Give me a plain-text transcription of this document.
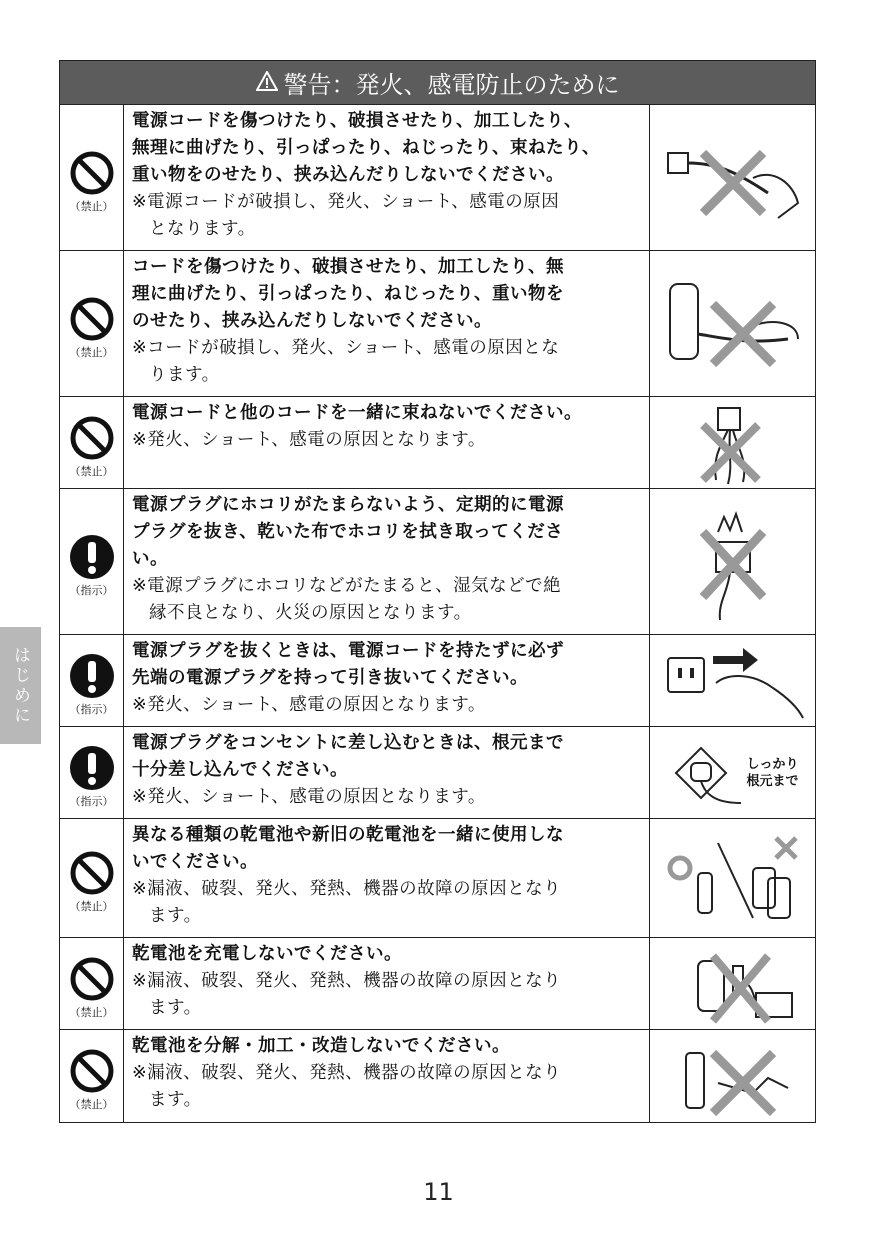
警告：発火、感電防止のために
（禁止）
電源コードを傷つけたり、破損させたり、加工したり、
無理に曲げたり、引っぱったり、ねじったり、束ねたり、
重い物をのせたり、挟み込んだりしないでください。
※電源コードが破損し、発火、ショート、感電の原因
となります。
（禁止）
コードを傷つけたり、破損させたり、加工したり、無
理に曲げたり、引っぱったり、ねじったり、重い物を
のせたり、挟み込んだりしないでください。
※コードが破損し、発火、ショート、感電の原因とな
ります。
（禁止）
電源コードと他のコードを一緒に束ねないでください。
※発火、ショート、感電の原因となります。
（指示）
電源プラグにホコリがたまらないよう、定期的に電源
プラグを抜き、乾いた布でホコリを拭き取ってくださ
い。
※電源プラグにホコリなどがたまると、湿気などで絶
縁不良となり、火災の原因となります。
（指示）
電源プラグを抜くときは、電源コードを持たずに必ず
先端の電源プラグを持って引き抜いてください。
※発火、ショート、感電の原因となります。
（指示）
電源プラグをコンセントに差し込むときは、根元まで
十分差し込んでください。
※発火、ショート、感電の原因となります。
しっかり
根元まで
（禁止）
異なる種類の乾電池や新旧の乾電池を一緒に使用しな
いでください。
※漏液、破裂、発火、発熱、機器の故障の原因となり
ます。
（禁止）
乾電池を充電しないでください。
※漏液、破裂、発火、発熱、機器の故障の原因となり
ます。
（禁止）
乾電池を分解・加工・改造しないでください。
※漏液、破裂、発火、発熱、機器の故障の原因となり
ます。
はじめに
11
